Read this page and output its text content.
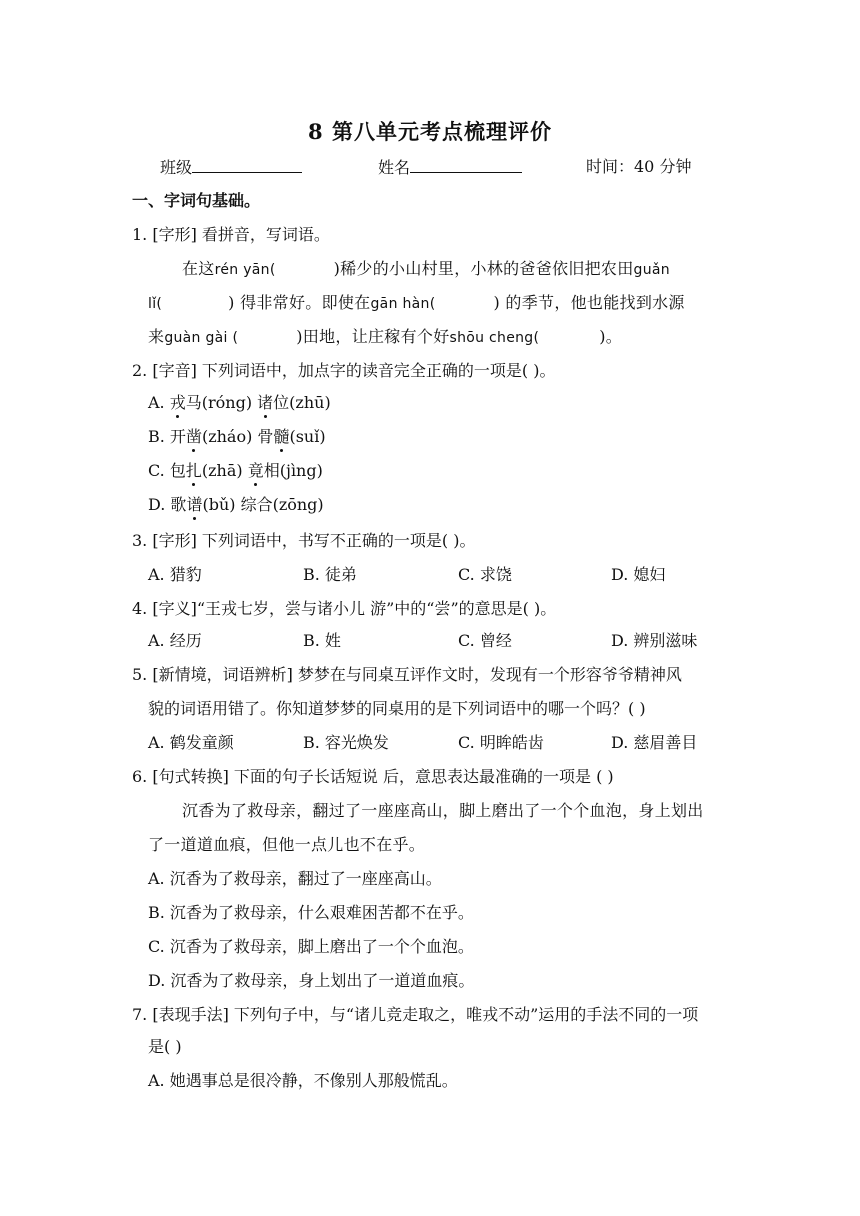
8 第八单元考点梳理评价
班级	姓名	时间：40 分钟
一、字词句基础。
1. [字形] 看拼音，写词语。
在这rén yān(	)稀少的小山村里，小林的爸爸依旧把农田guǎn
lǐ(	) 得非常好。即使在gān hàn(	) 的季节，他也能找到水源
来guàn gài (	)田地，让庄稼有个好shōu cheng(	)。
2. [字音] 下列词语中，加点字的读音完全正确的一项是( )。
A. 戎马(róng) 诸位(zhū)
B. 开凿(zháo) 骨髓(suǐ)
C. 包扎(zhā) 竟相(jìng)
D. 歌谱(bǔ) 综合(zōng)
3. [字形] 下列词语中，书写不正确的一项是( )。
A. 猎豹	B. 徒弟	C. 求饶	D. 媳妇
4. [字义]“王戎七岁，尝与诸小儿 游”中的“尝”的意思是( )。
A. 经历	B. 姓	C. 曾经	D. 辨别滋味
5. [新情境，词语辨析] 梦梦在与同桌互评作文时，发现有一个形容爷爷精神风
貌的词语用错了。你知道梦梦的同桌用的是下列词语中的哪一个吗？( )
A. 鹤发童颜	B. 容光焕发	C. 明眸皓齿	D. 慈眉善目
6. [句式转换] 下面的句子长话短说 后，意思表达最准确的一项是 ( )
沉香为了救母亲，翻过了一座座高山，脚上磨出了一个个血泡，身上划出
了一道道血痕，但他一点儿也不在乎。
A. 沉香为了救母亲，翻过了一座座高山。
B. 沉香为了救母亲，什么艰难困苦都不在乎。
C. 沉香为了救母亲，脚上磨出了一个个血泡。
D. 沉香为了救母亲，身上划出了一道道血痕。
7. [表现手法] 下列句子中，与“诸儿竞走取之，唯戎不动”运用的手法不同的一项
是( )
A. 她遇事总是很冷静，不像别人那般慌乱。
